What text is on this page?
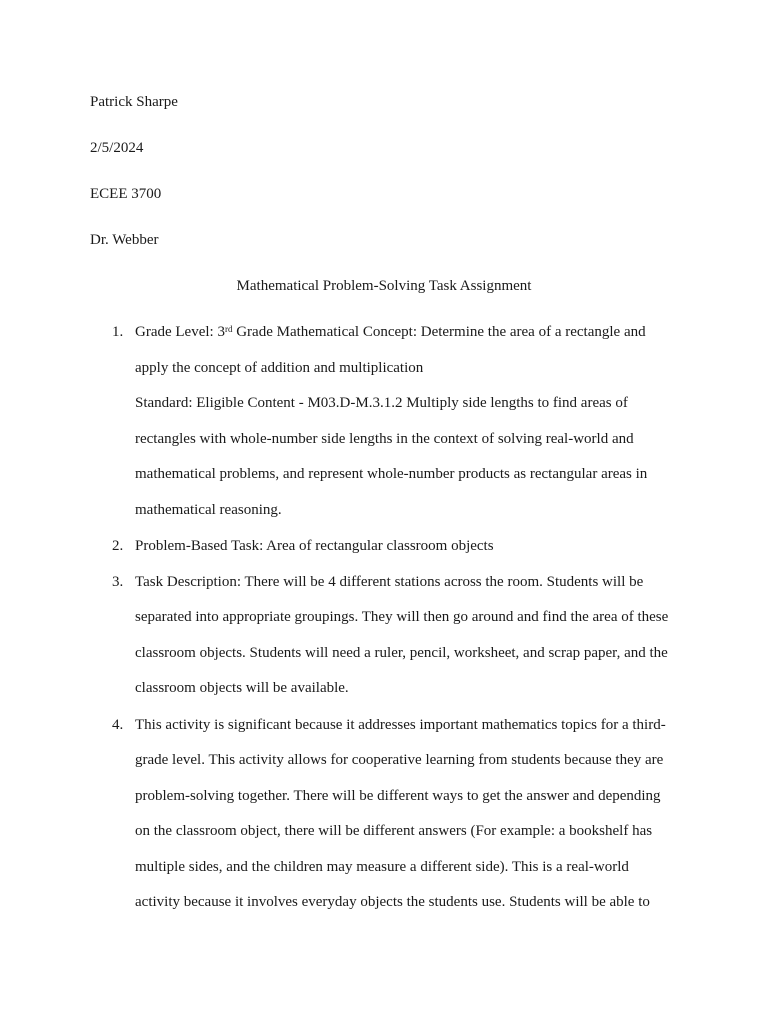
Patrick Sharpe
2/5/2024
ECEE 3700
Dr. Webber
Mathematical Problem-Solving Task Assignment
1. Grade Level: 3rd Grade Mathematical Concept: Determine the area of a rectangle and
apply the concept of addition and multiplication
Standard: Eligible Content - M03.D-M.3.1.2 Multiply side lengths to find areas of
rectangles with whole-number side lengths in the context of solving real-world and
mathematical problems, and represent whole-number products as rectangular areas in
mathematical reasoning.
2. Problem-Based Task: Area of rectangular classroom objects
3. Task Description: There will be 4 different stations across the room. Students will be
separated into appropriate groupings. They will then go around and find the area of these
classroom objects. Students will need a ruler, pencil, worksheet, and scrap paper, and the
classroom objects will be available.
4. This activity is significant because it addresses important mathematics topics for a third-
grade level. This activity allows for cooperative learning from students because they are
problem-solving together. There will be different ways to get the answer and depending
on the classroom object, there will be different answers (For example: a bookshelf has
multiple sides, and the children may measure a different side). This is a real-world
activity because it involves everyday objects the students use. Students will be able to
